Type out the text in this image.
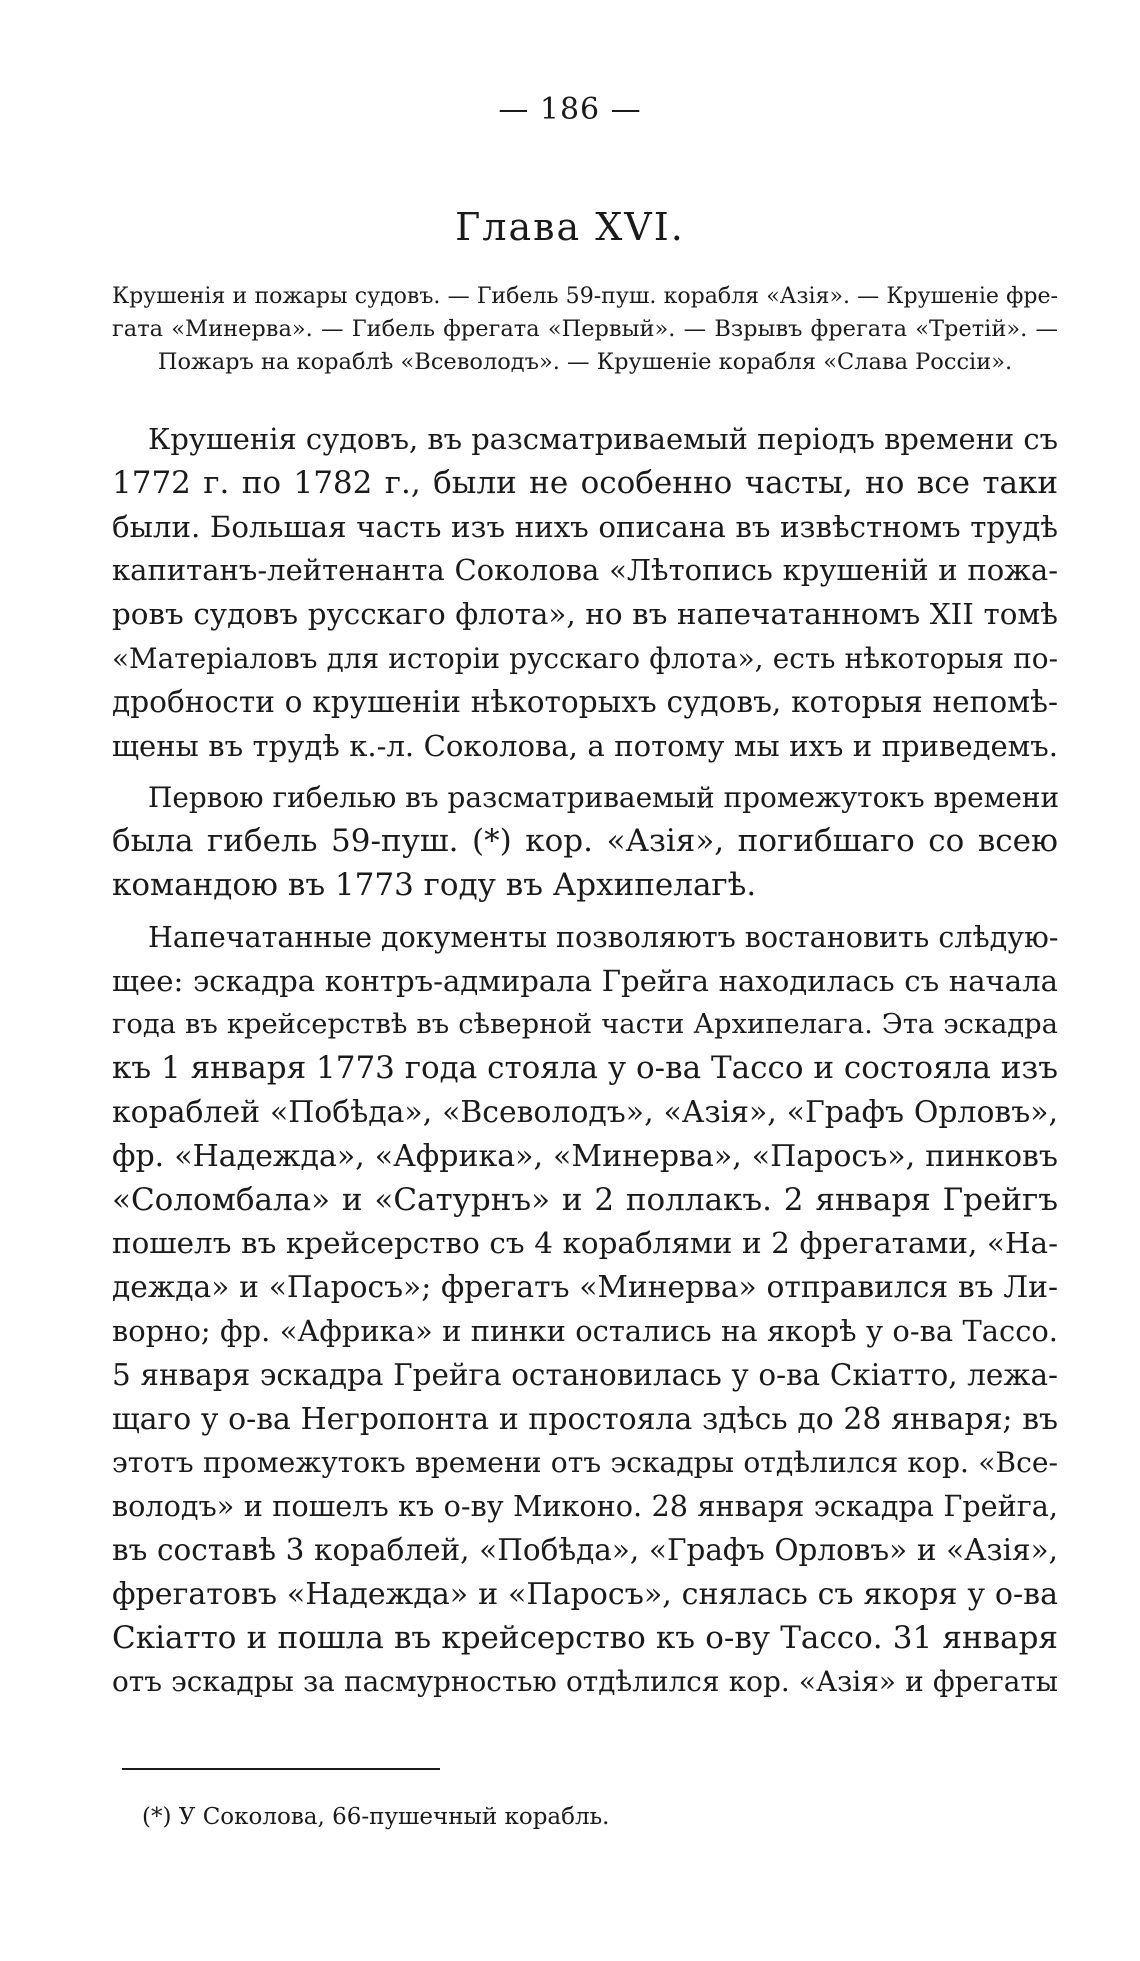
— 186 —
Глава XVI.
Крушенія и пожары судовъ. — Гибель 59-пуш. корабля «Азія». — Крушеніе фре-
гата «Минерва». — Гибель фрегата «Первый». — Взрывъ фрегата «Третій». —
Пожаръ на кораблѣ «Всеволодъ». — Крушеніе корабля «Слава Россіи».
Крушенія судовъ, въ разсматриваемый періодъ времени съ
1772 г. по 1782 г., были не особенно часты, но все таки
были. Большая часть изъ нихъ описана въ извѣстномъ трудѣ
капитанъ-лейтенанта Соколова «Лѣтопись крушеній и пожа-
ровъ судовъ русскаго флота», но въ напечатанномъ XII томѣ
«Матеріаловъ для исторіи русскаго флота», есть нѣкоторыя по-
дробности о крушеніи нѣкоторыхъ судовъ, которыя непомѣ-
щены въ трудѣ к.-л. Соколова, а потому мы ихъ и приведемъ.
Первою гибелью въ разсматриваемый промежутокъ времени
была гибель 59-пуш. (*) кор. «Азія», погибшаго со всею
командою въ 1773 году въ Архипелагѣ.
Напечатанные документы позволяютъ востановить слѣдую-
щее: эскадра контръ-адмирала Грейга находилась съ начала
года въ крейсерствѣ въ сѣверной части Архипелага. Эта эскадра
къ 1 января 1773 года стояла у о-ва Тассо и состояла изъ
кораблей «Побѣда», «Всеволодъ», «Азія», «Графъ Орловъ»,
фр. «Надежда», «Африка», «Минерва», «Паросъ», пинковъ
«Соломбала» и «Сатурнъ» и 2 поллакъ. 2 января Грейгъ
пошелъ въ крейсерство съ 4 кораблями и 2 фрегатами, «На-
дежда» и «Паросъ»; фрегатъ «Минерва» отправился въ Ли-
ворно; фр. «Африка» и пинки остались на якорѣ у о-ва Тассо.
5 января эскадра Грейга остановилась у о-ва Скіатто, лежа-
щаго у о-ва Негропонта и простояла здѣсь до 28 января; въ
этотъ промежутокъ времени отъ эскадры отдѣлился кор. «Все-
володъ» и пошелъ къ о-ву Миконо. 28 января эскадра Грейга,
въ составѣ 3 кораблей, «Побѣда», «Графъ Орловъ» и «Азія»,
фрегатовъ «Надежда» и «Паросъ», снялась съ якоря у о-ва
Скіатто и пошла въ крейсерство къ о-ву Тассо. 31 января
отъ эскадры за пасмурностью отдѣлился кор. «Азія» и фрегаты
(*) У Соколова, 66-пушечный корабль.
